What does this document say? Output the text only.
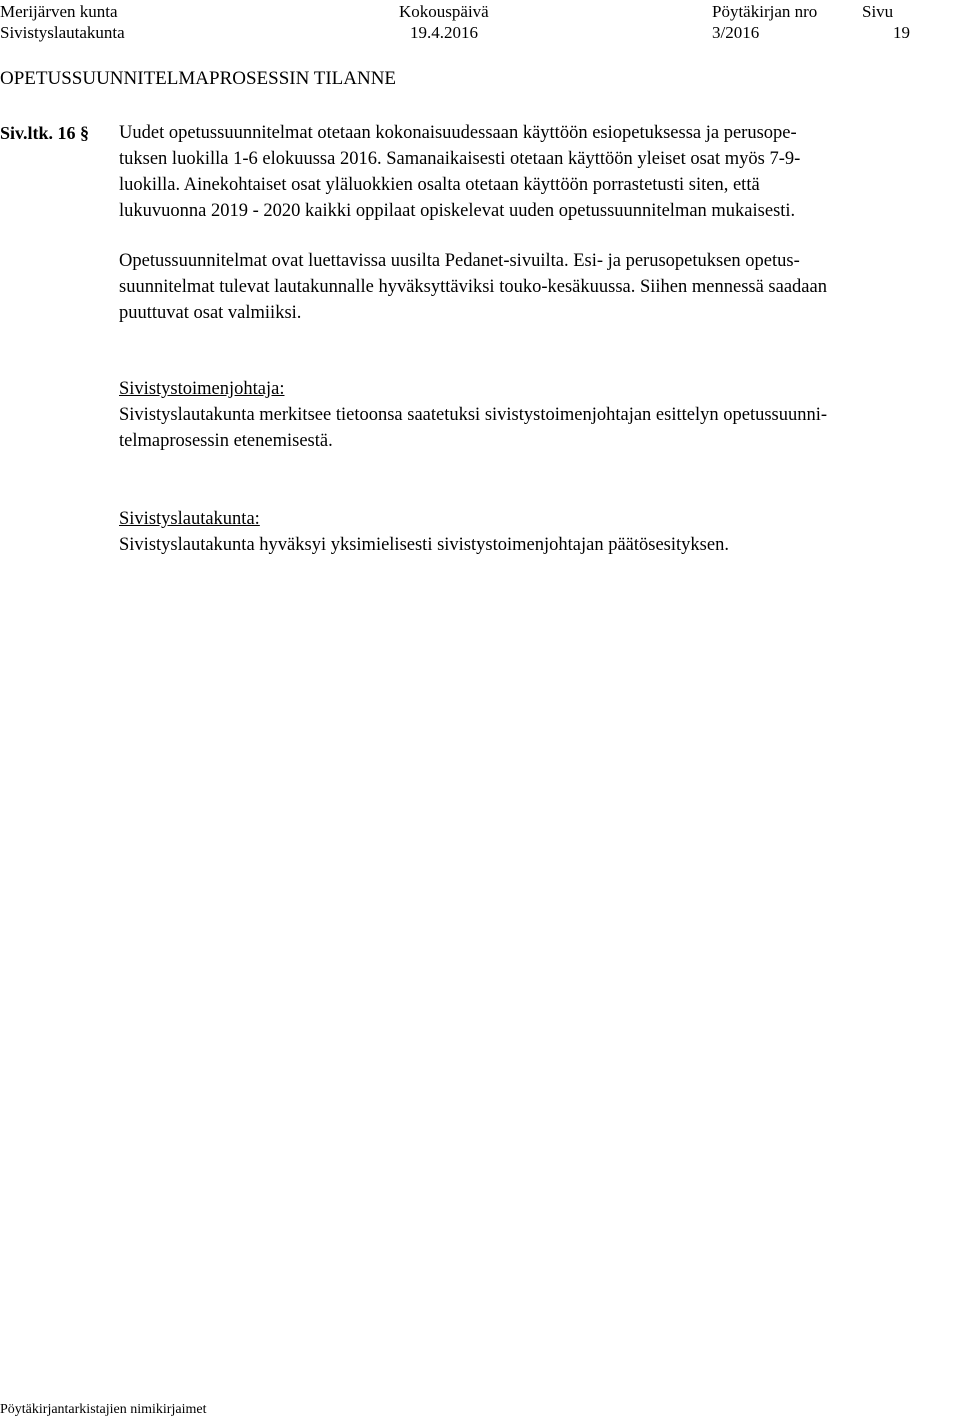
Merijärven kunta	Kokouspäivä	Pöytäkirjan nro	Sivu
Sivistyslautakunta	19.4.2016	3/2016	19
OPETUSSUUNNITELMAPROSESSIN TILANNE
Siv.ltk. 16 § Uudet opetussuunnitelmat otetaan kokonaisuudessaan käyttöön esiopetuksessa ja perusope-
tuksen luokilla 1-6 elokuussa 2016. Samanaikaisesti otetaan käyttöön yleiset osat myös 7-9-
luokilla. Ainekohtaiset osat yläluokkien osalta otetaan käyttöön porrastetusti siten, että
lukuvuonna 2019 - 2020 kaikki oppilaat opiskelevat uuden opetussuunnitelman mukaisesti.

Opetussuunnitelmat ovat luettavissa uusilta Pedanet-sivuilta. Esi- ja perusopetuksen opetus-
suunnitelmat tulevat lautakunnalle hyväksyttäviksi touko-kesäkuussa. Siihen mennessä saadaan
puuttuvat osat valmiiksi.

Sivistystoimenjohtaja:

Sivistyslautakunta merkitsee tietoonsa saatetuksi sivistystoimenjohtajan esittelyn opetussuunni-
telmaprosessin etenemisestä.

Sivistyslautakunta:

Sivistyslautakunta hyväksyi yksimielisesti sivistystoimenjohtajan päätösesityksen.

Pöytäkirjantarkistajien nimikirjaimet
